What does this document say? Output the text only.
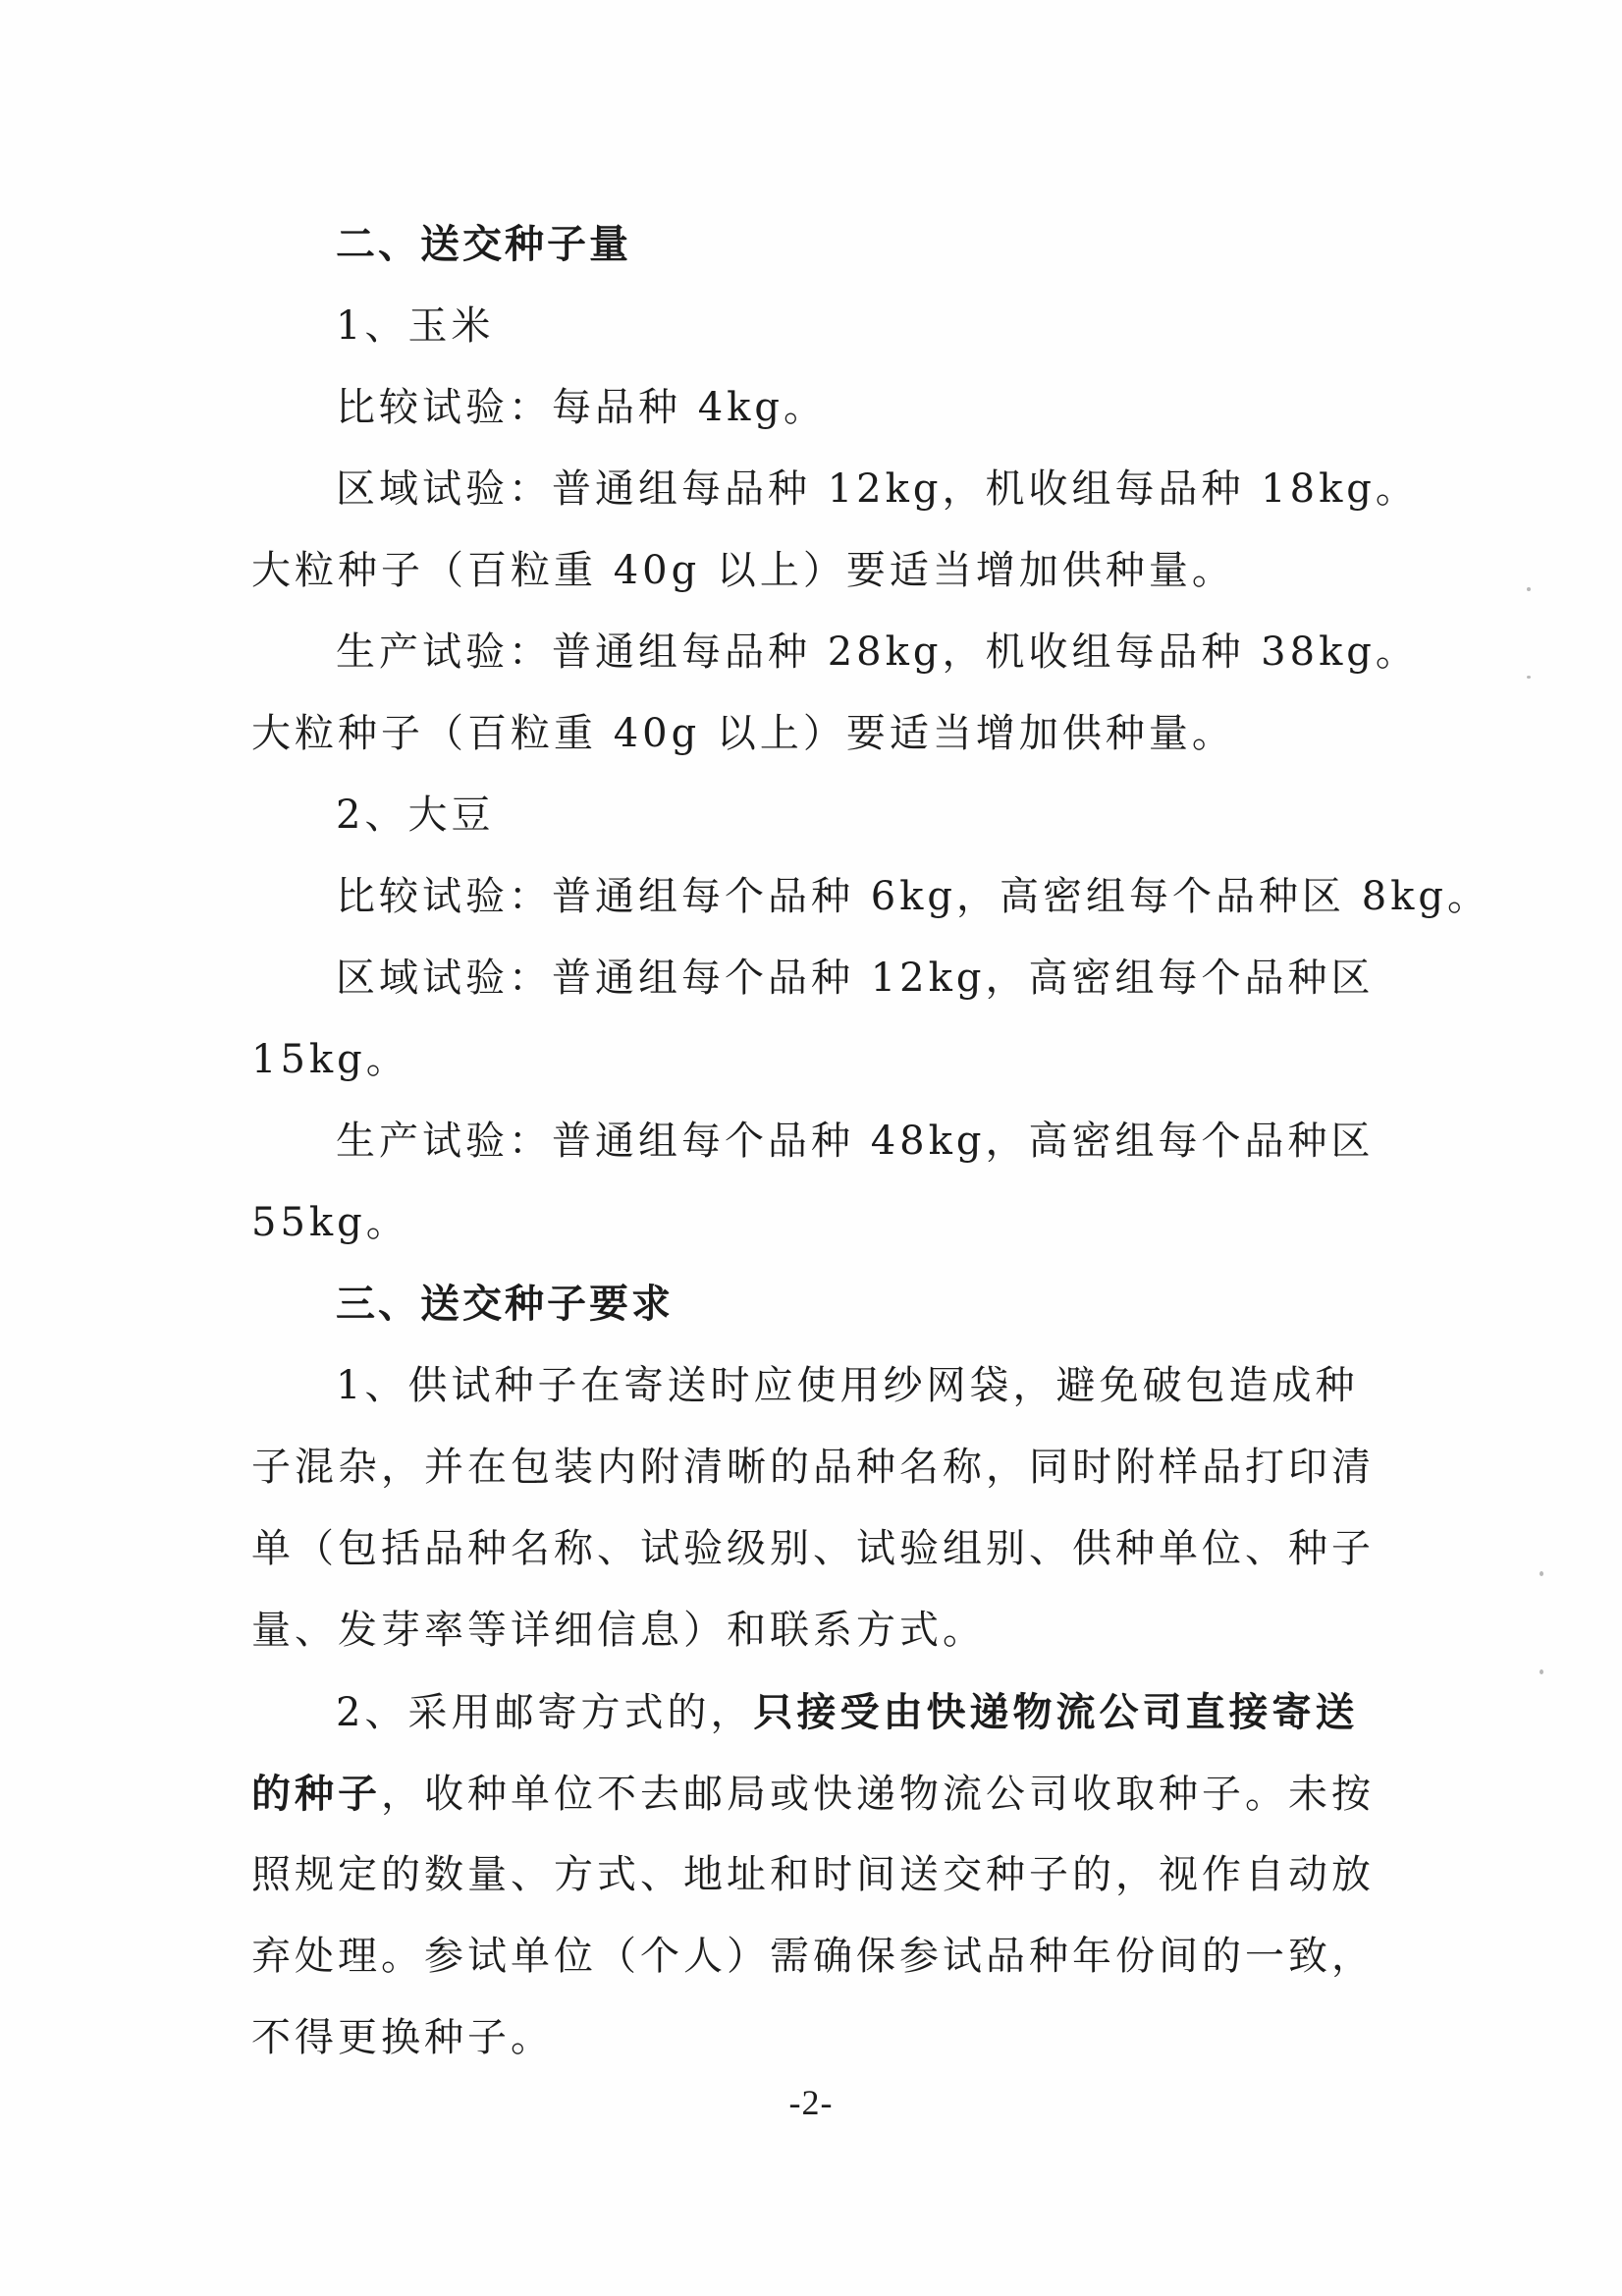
二、送交种子量
1、玉米
比较试验：每品种 4kg。
区域试验：普通组每品种 12kg，机收组每品种 18kg。
大粒种子（百粒重 40g 以上）要适当增加供种量。
生产试验：普通组每品种 28kg，机收组每品种 38kg。
大粒种子（百粒重 40g 以上）要适当增加供种量。
2、大豆
比较试验：普通组每个品种 6kg，高密组每个品种区 8kg。
区域试验：普通组每个品种 12kg，高密组每个品种区
15kg。
生产试验：普通组每个品种 48kg，高密组每个品种区
55kg。
三、送交种子要求
1、供试种子在寄送时应使用纱网袋，避免破包造成种
子混杂，并在包装内附清晰的品种名称，同时附样品打印清
单（包括品种名称、试验级别、试验组别、供种单位、种子
量、发芽率等详细信息）和联系方式。
2、采用邮寄方式的，只接受由快递物流公司直接寄送
的种子，收种单位不去邮局或快递物流公司收取种子。未按
照规定的数量、方式、地址和时间送交种子的，视作自动放
弃处理。参试单位（个人）需确保参试品种年份间的一致，
不得更换种子。
-2-
